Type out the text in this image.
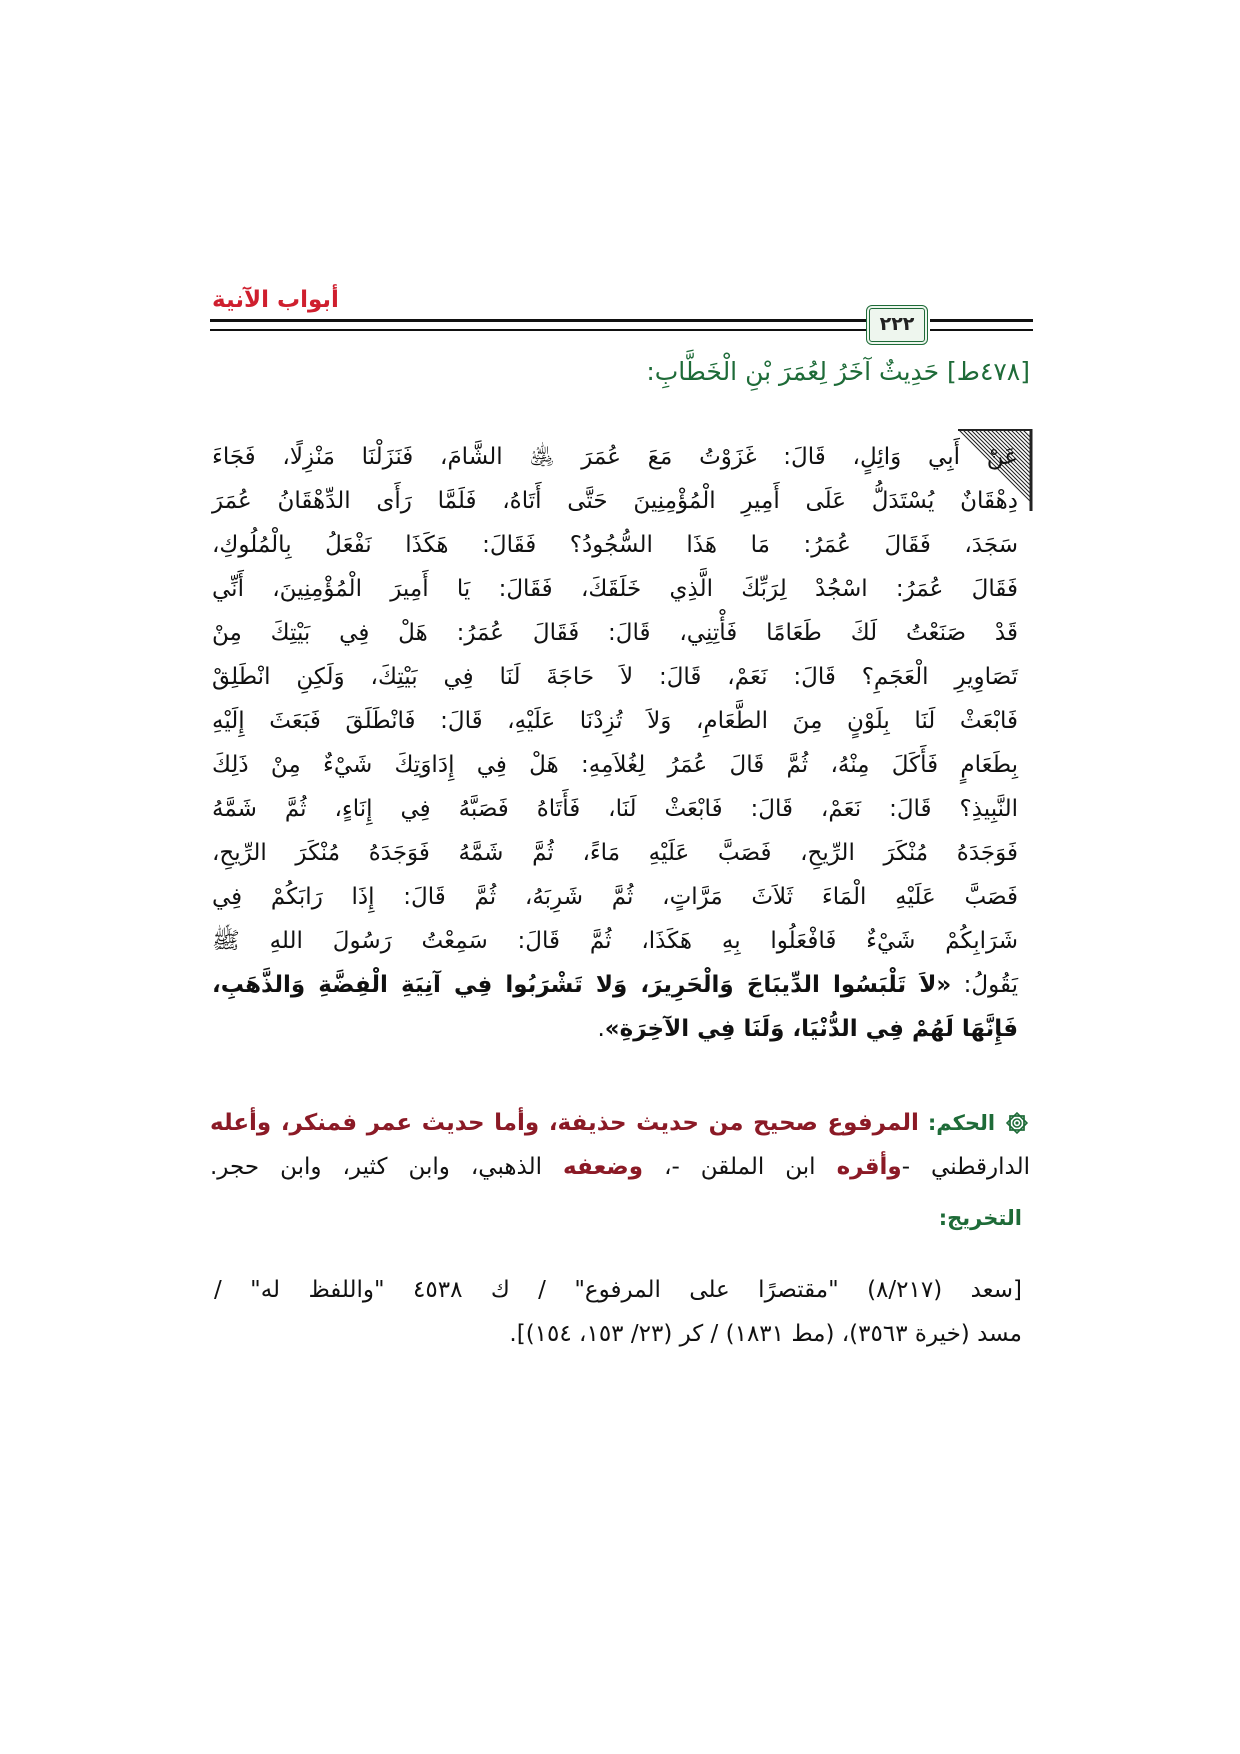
أبواب الآنية
٢٢٢
[٤٧٨ط] حَدِيثٌ آخَرُ لِعُمَرَ بْنِ الْخَطَّابِ:
عَنْ أَبِي وَائِلٍ، قَالَ: غَزَوْتُ مَعَ عُمَرَ ﵁ الشَّامَ، فَنَزَلْنَا مَنْزِلًا، فَجَاءَ
دِهْقَانٌ يُسْتَدَلُّ عَلَى أَمِيرِ الْمُؤْمِنِينَ حَتَّى أَتَاهُ، فَلَمَّا رَأَى الدِّهْقَانُ عُمَرَ
سَجَدَ، فَقَالَ عُمَرُ: مَا هَذَا السُّجُودُ؟ فَقَالَ: هَكَذَا نَفْعَلُ بِالْمُلُوكِ،
فَقَالَ عُمَرُ: اسْجُدْ لِرَبِّكَ الَّذِي خَلَقَكَ، فَقَالَ: يَا أَمِيرَ الْمُؤْمِنِينَ، أَنِّي
قَدْ صَنَعْتُ لَكَ طَعَامًا فَأْتِنِي، قَالَ: فَقَالَ عُمَرُ: هَلْ فِي بَيْتِكَ مِنْ
تَصَاوِيرِ الْعَجَمِ؟ قَالَ: نَعَمْ، قَالَ: لاَ حَاجَةَ لَنَا فِي بَيْتِكَ، وَلَكِنِ انْطَلِقْ
فَابْعَثْ لَنَا بِلَوْنٍ مِنَ الطَّعَامِ، وَلاَ تُزِدْنَا عَلَيْهِ، قَالَ: فَانْطَلَقَ فَبَعَثَ إِلَيْهِ
بِطَعَامٍ فَأَكَلَ مِنْهُ، ثُمَّ قَالَ عُمَرُ لِغُلاَمِهِ: هَلْ فِي إِدَاوَتِكَ شَيْءٌ مِنْ ذَلِكَ
النَّبِيذِ؟ قَالَ: نَعَمْ، قَالَ: فَابْعَثْ لَنَا، فَأَتَاهُ فَصَبَّهُ فِي إِنَاءٍ، ثُمَّ شَمَّهُ
فَوَجَدَهُ مُنْكَرَ الرِّيحِ، فَصَبَّ عَلَيْهِ مَاءً، ثُمَّ شَمَّهُ فَوَجَدَهُ مُنْكَرَ الرِّيحِ،
فَصَبَّ عَلَيْهِ الْمَاءَ ثَلاَثَ مَرَّاتٍ، ثُمَّ شَرِبَهُ، ثُمَّ قَالَ: إِذَا رَابَكُمْ فِي
شَرَابِكُمْ شَيْءٌ فَافْعَلُوا بِهِ هَكَذَا، ثُمَّ قَالَ: سَمِعْتُ رَسُولَ اللهِ ﷺ
يَقُولُ: «لاَ تَلْبَسُوا الدِّيبَاجَ وَالْحَرِيرَ، وَلا تَشْرَبُوا فِي آنِيَةِ الْفِضَّةِ وَالذَّهَبِ،
فَإِنَّهَا لَهُمْ فِي الدُّنْيَا، وَلَنَا فِي الآخِرَةِ».
الحكم: المرفوع صحيح من حديث حذيفة، وأما حديث عمر فمنكر، وأعله
الدارقطني -وأقره ابن الملقن -، وضعفه الذهبي، وابن كثير، وابن حجر.
التخريج:
[سعد (٨/٢١٧) "مقتصرًا على المرفوع" / ك ٤٥٣٨ "واللفظ له" /
مسد (خيرة ٣٥٦٣)، (مط ١٨٣١) / كر (٢٣/ ١٥٣، ١٥٤)].
